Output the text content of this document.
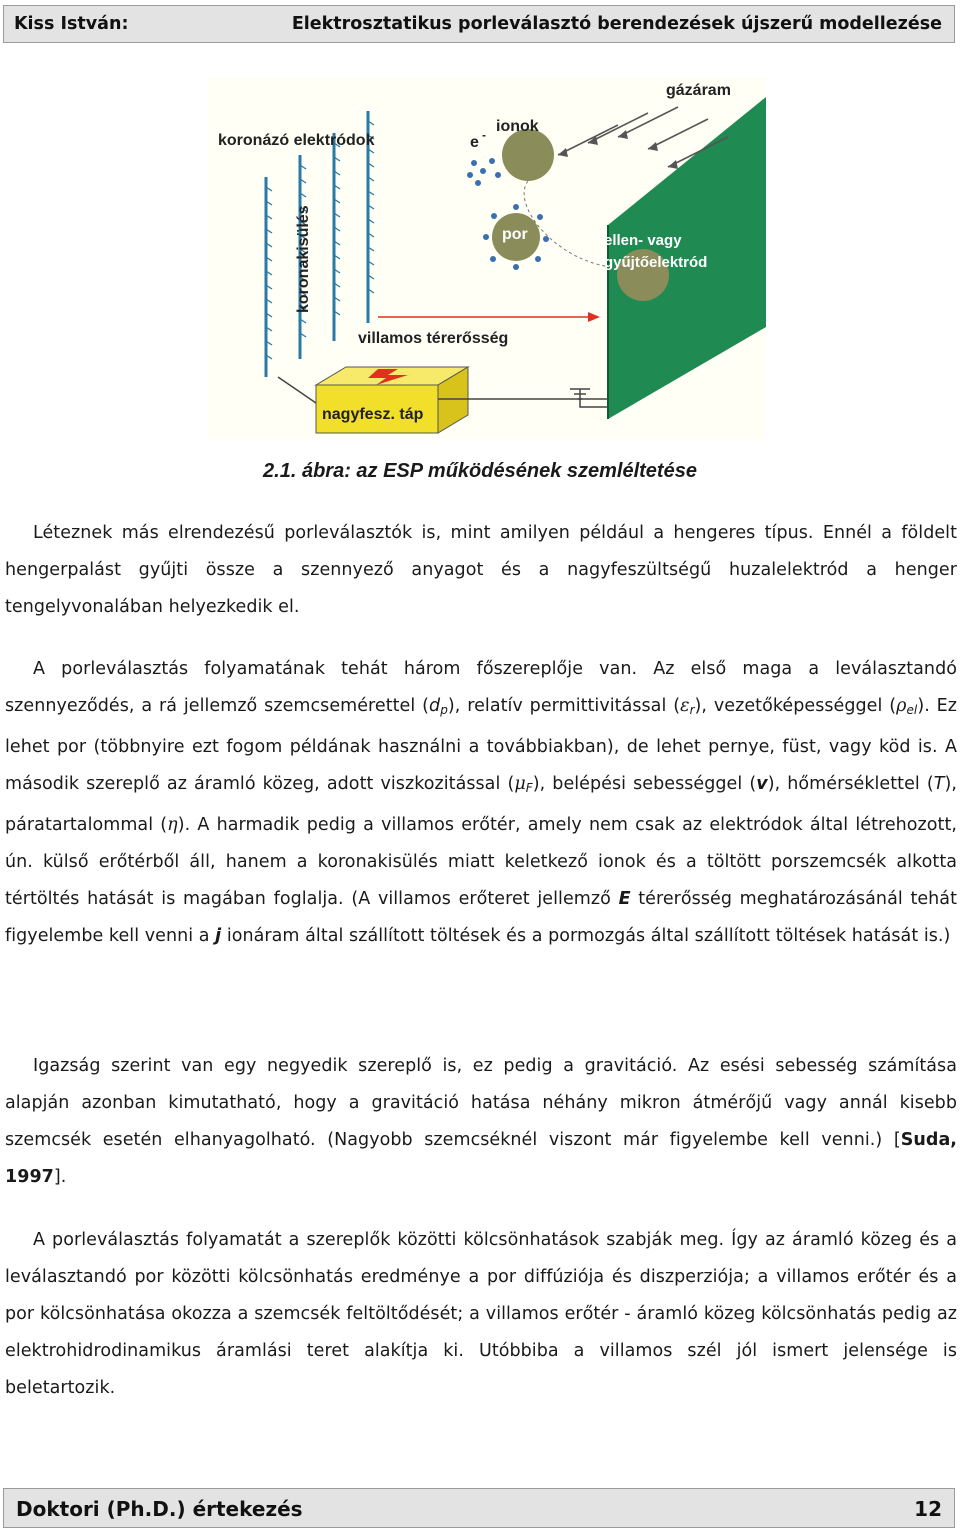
Kiss István:	Elektrosztatikus porleválasztó berendezések újszerű modellezése
gázáram
koronázó elektródok	e - ionok
por
koronakisülés	ellen- vagy
gyűjtőelektród
villamos térerősség
nagyfesz. táp
2.1. ábra: az ESP működésének szemléltetése

Léteznek más elrendezésű porleválasztók is, mint amilyen például a hengeres típus. Ennél a földelt hengerpalást gyűjti össze a szennyező anyagot és a nagyfeszültségű huzalelektród a henger tengelyvonalában helyezkedik el.

A porleválasztás folyamatának tehát három főszereplője van. Az első maga a leválasztandó szennyeződés, a rá jellemző szemcsemérettel $(d_p)$, relatív permittivitással $(\varepsilon_r)$, vezetőképességgel $(\rho_{el})$. Ez lehet por (többnyire ezt fogom példának használni a továbbiakban), de lehet pernye, füst, vagy köd is. A második szereplő az áramló közeg, adott viszkozitással $(\mu_F)$, belépési sebességgel (v), hőmérséklettel (T), páratartalommal (η). A harmadik pedig a villamos erőtér, amely nem csak az elektródok által létrehozott, ún. külső erőtérből áll, hanem a koronakisülés miatt keletkező ionok és a töltött porszemcsék alkotta tértöltés hatását is magában foglalja. (A villamos erőteret jellemző E térerősség meghatározásánál tehát figyelembe kell venni a j ionáram által szállított töltések és a pormozgás által szállított töltések hatását is.)

Igazság szerint van egy negyedik szereplő is, ez pedig a gravitáció. Az esési sebesség számítása alapján azonban kimutatható, hogy a gravitáció hatása néhány mikron átmérőjű vagy annál kisebb szemcsék esetén elhanyagolható. (Nagyobb szemcséknél viszont már figyelembe kell venni.) [Suda, 1997].

A porleválasztás folyamatát a szereplők közötti kölcsönhatások szabják meg. Így az áramló közeg és a leválasztandó por közötti kölcsönhatás eredménye a por diffúziója és diszperziója; a villamos erőtér és a por kölcsönhatása okozza a szemcsék feltöltődését; a villamos erőtér - áramló közeg kölcsönhatás pedig az elektrohidrodinamikus áramlási teret alakítja ki. Utóbbiba a villamos szél jól ismert jelensége is beletartozik.

Doktori (Ph.D.) értekezés	12
